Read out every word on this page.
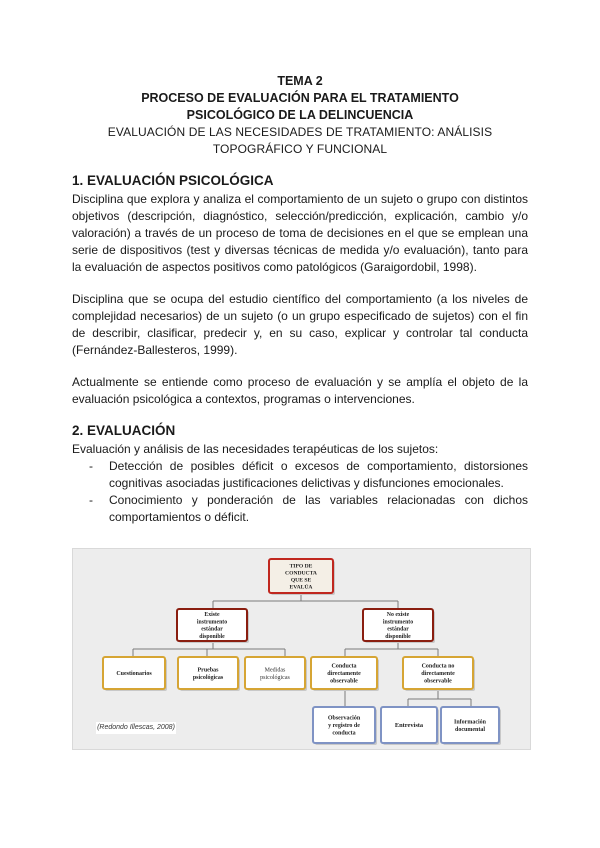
TEMA 2
PROCESO DE EVALUACIÓN PARA EL TRATAMIENTO
PSICOLÓGICO DE LA DELINCUENCIA
EVALUACIÓN DE LAS NECESIDADES DE TRATAMIENTO: ANÁLISIS
TOPOGRÁFICO Y FUNCIONAL
1. EVALUACIÓN PSICOLÓGICA

Disciplina que explora y analiza el comportamiento de un sujeto o grupo con distintos objetivos (descripción, diagnóstico, selección/predicción, explicación, cambio y/o valoración) a través de un proceso de toma de decisiones en el que se emplean una serie de dispositivos (test y diversas técnicas de medida y/o evaluación), tanto para la evaluación de aspectos positivos como patológicos (Garaigordobil, 1998).

Disciplina que se ocupa del estudio científico del comportamiento (a los niveles de complejidad necesarios) de un sujeto (o un grupo especificado de sujetos) con el fin de describir, clasificar, predecir y, en su caso, explicar y controlar tal conducta (Fernández-Ballesteros, 1999).

Actualmente se entiende como proceso de evaluación y se amplía el objeto de la evaluación psicológica a contextos, programas o intervenciones.

2. EVALUACIÓN

Evaluación y análisis de las necesidades terapéuticas de los sujetos:

- Detección de posibles déficit o excesos de comportamiento, distorsiones cognitivas asociadas justificaciones delictivas y disfunciones emocionales.
- Conocimiento y ponderación de las variables relacionadas con dichos comportamientos o déficit.
TIPO DE
CONDUCTA
QUE SE
EVALÚA
Existe
instrumento
estándar
disponible
No existe
instrumento
estándar
disponible
Cuestionarios
Pruebas
psicológicas
Medidas
psicológicas
Conducta
directamente
observable
Conducta no
directamente
observable
Observación
y registro de
conducta
Entrevista	Información
documental
(Redondo Illescas, 2008)
